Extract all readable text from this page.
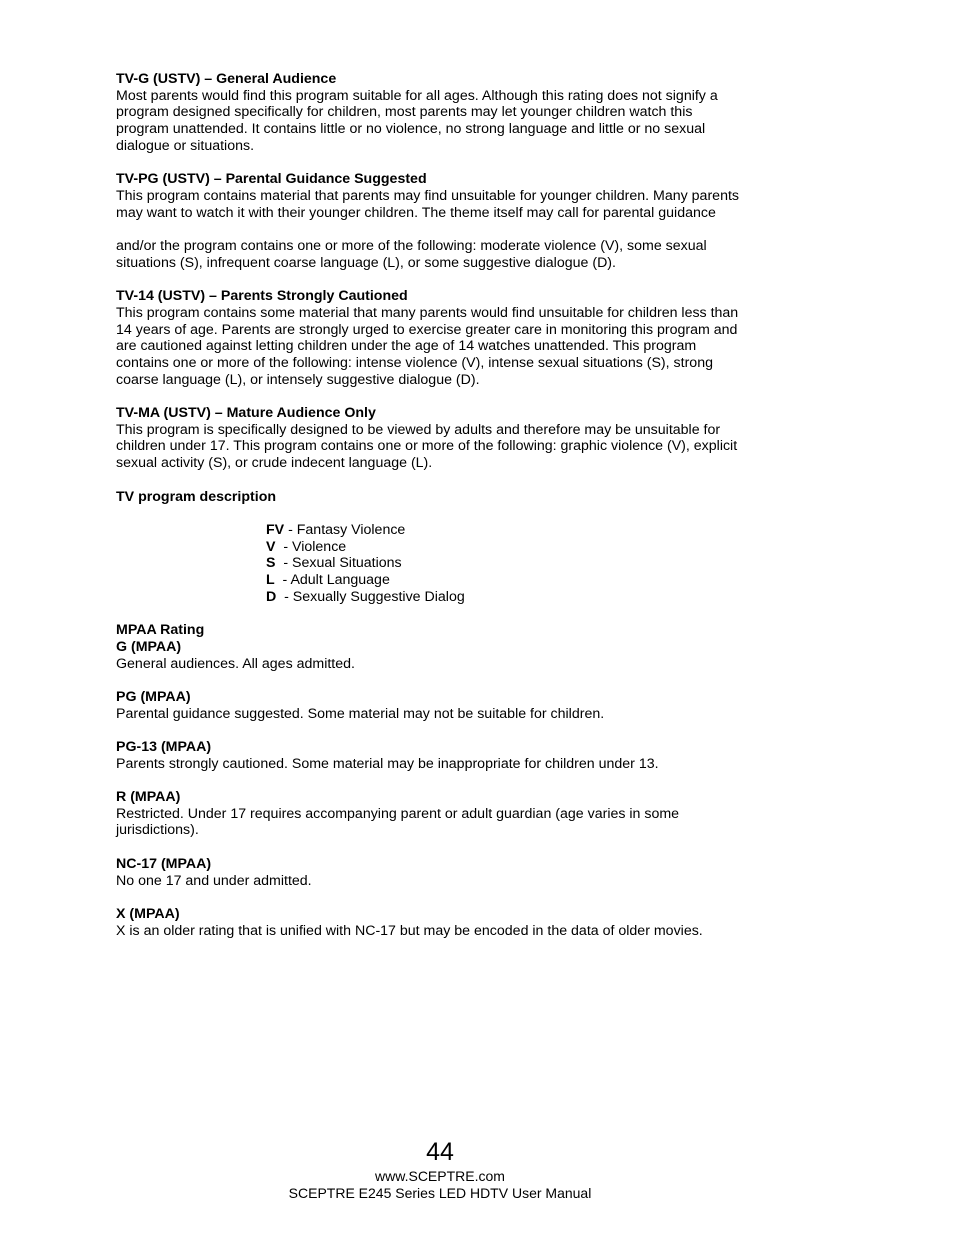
TV-G (USTV) – General Audience

Most parents would find this program suitable for all ages. Although this rating does not signify a

program designed specifically for children, most parents may let younger children watch this

program unattended. It contains little or no violence, no strong language and little or no sexual

dialogue or situations.

TV-PG (USTV) – Parental Guidance Suggested

This program contains material that parents may find unsuitable for younger children. Many parents

may want to watch it with their younger children. The theme itself may call for parental guidance

and/or the program contains one or more of the following: moderate violence (V), some sexual

situations (S), infrequent coarse language (L), or some suggestive dialogue (D).

TV-14 (USTV) – Parents Strongly Cautioned

This program contains some material that many parents would find unsuitable for children less than

14 years of age. Parents are strongly urged to exercise greater care in monitoring this program and

are cautioned against letting children under the age of 14 watches unattended. This program

contains one or more of the following: intense violence (V), intense sexual situations (S), strong

coarse language (L), or intensely suggestive dialogue (D).

TV-MA (USTV) – Mature Audience Only

This program is specifically designed to be viewed by adults and therefore may be unsuitable for

children under 17. This program contains one or more of the following: graphic violence (V), explicit

sexual activity (S), or crude indecent language (L).

TV program description

FV - Fantasy Violence

V  - Violence

S  - Sexual Situations

L  - Adult Language

D  - Sexually Suggestive Dialog

MPAA Rating

G (MPAA)

General audiences. All ages admitted.

PG (MPAA)

Parental guidance suggested. Some material may not be suitable for children.

PG-13 (MPAA)

Parents strongly cautioned. Some material may be inappropriate for children under 13.

R (MPAA)

Restricted. Under 17 requires accompanying parent or adult guardian (age varies in some

jurisdictions).

NC-17 (MPAA)

No one 17 and under admitted.

X (MPAA)

X is an older rating that is unified with NC-17 but may be encoded in the data of older movies.

44
www.SCEPTRE.com
SCEPTRE E245 Series LED HDTV User Manual
